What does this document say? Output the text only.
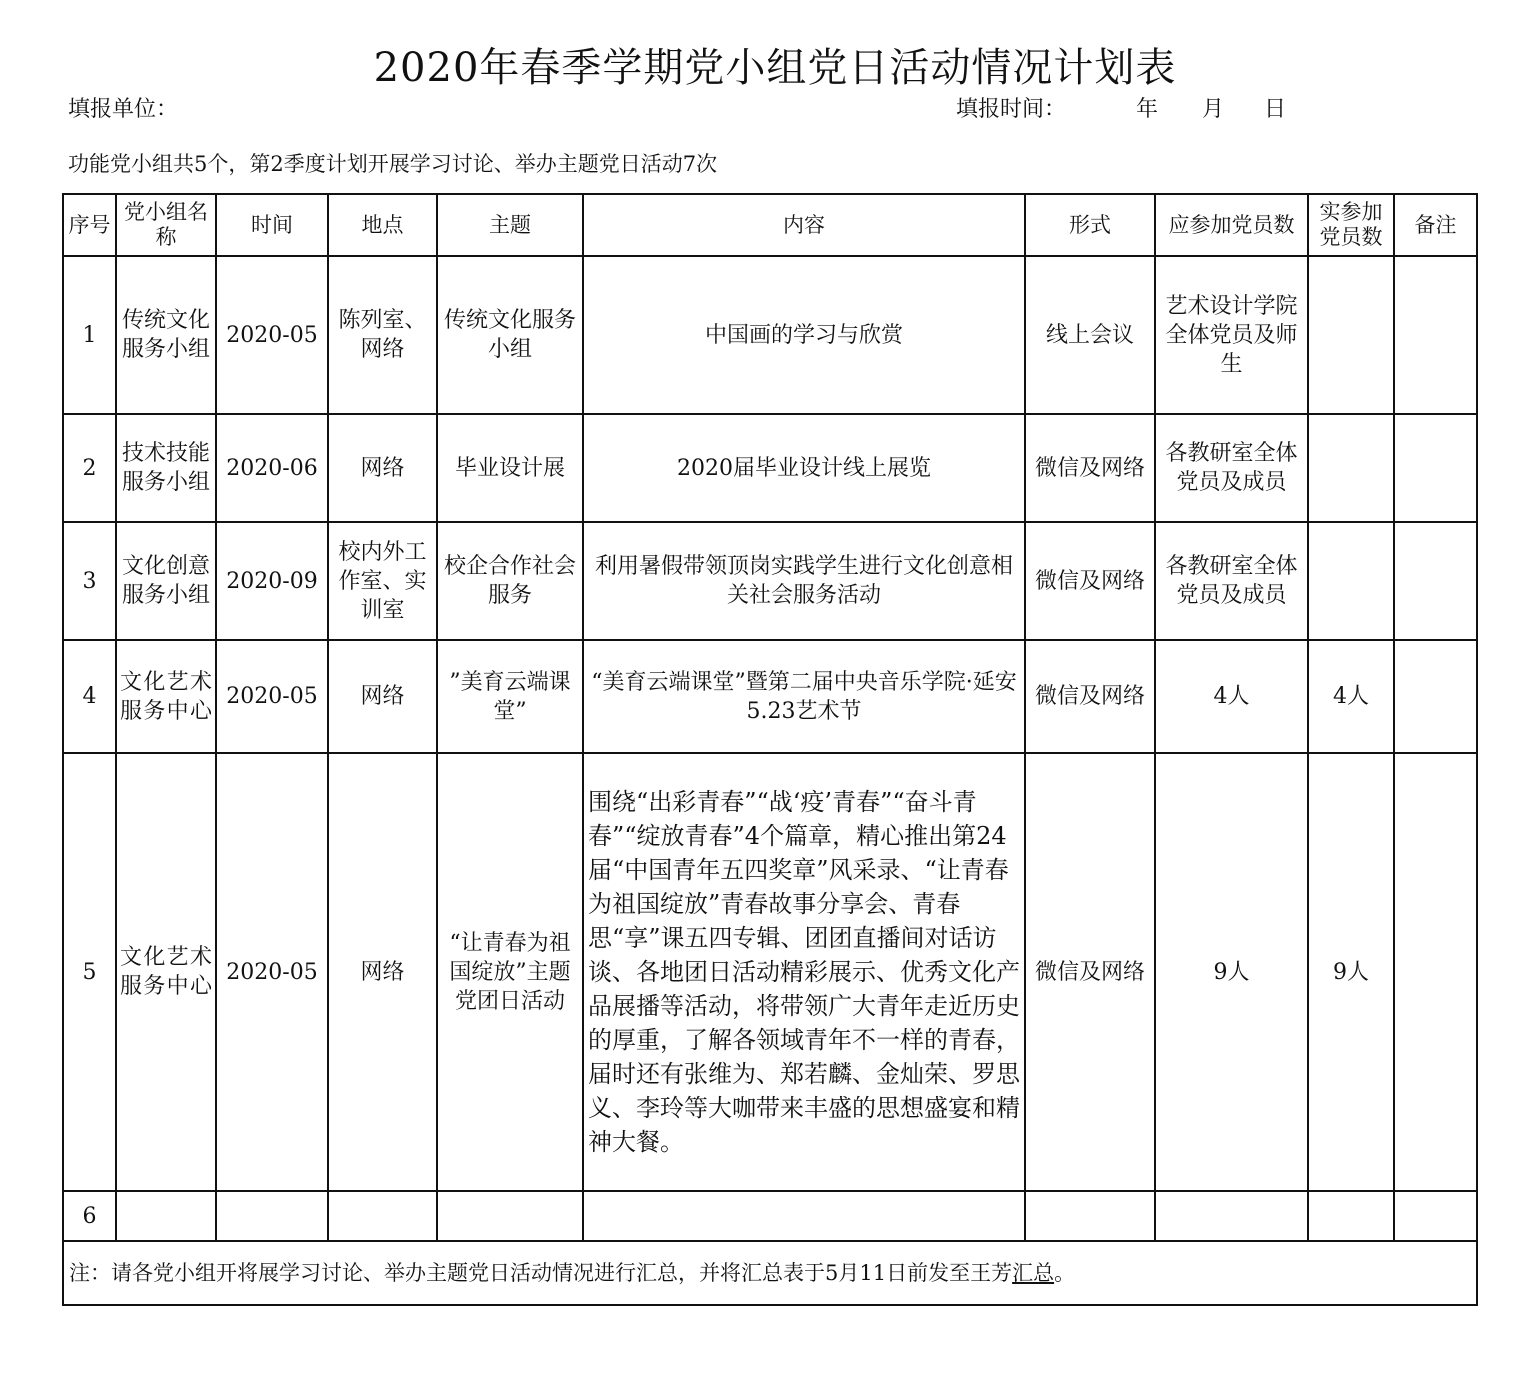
2020年春季学期党小组党日活动情况计划表
填报单位：	填报时间：	年 月 日
功能党小组共5个，第2季度计划开展学习讨论、举办主题党日活动7次
序号	党小组名称	时间	地点	主题	内容	形式	应参加党员数	实参加党员数	备注
1	传统文化服务小组	2020-05	陈列室、网络	传统文化服务小组	中国画的学习与欣赏	线上会议	艺术设计学院全体党员及师生		
2	技术技能服务小组	2020-06	网络	毕业设计展	2020届毕业设计线上展览	微信及网络	各教研室全体党员及成员		
3	文化创意服务小组	2020-09	校内外工作室、实训室	校企合作社会服务	利用暑假带领顶岗实践学生进行文化创意相关社会服务活动	微信及网络	各教研室全体党员及成员		
4	文化艺术服务中心	2020-05	网络	”美育云端课堂”	“美育云端课堂”暨第二届中央音乐学院·延安5.23艺术节	微信及网络	4人	4人	
5	文化艺术服务中心	2020-05	网络	“让青春为祖国绽放”主题党团日活动	围绕“出彩青春”“战‘疫’青春”“奋斗青春”“绽放青春”4个篇章，精心推出第24届“中国青年五四奖章”风采录、“让青春为祖国绽放”青春故事分享会、青春思“享”课五四专辑、团团直播间对话访谈、各地团日活动精彩展示、优秀文化产品展播等活动，将带领广大青年走近历史的厚重，了解各领域青年不一样的青春，届时还有张维为、郑若麟、金灿荣、罗思义、李玲等大咖带来丰盛的思想盛宴和精神大餐。	微信及网络	9人	9人	
6									
注：请各党小组开将展学习讨论、举办主题党日活动情况进行汇总，并将汇总表于5月11日前发至王芳汇总。									
